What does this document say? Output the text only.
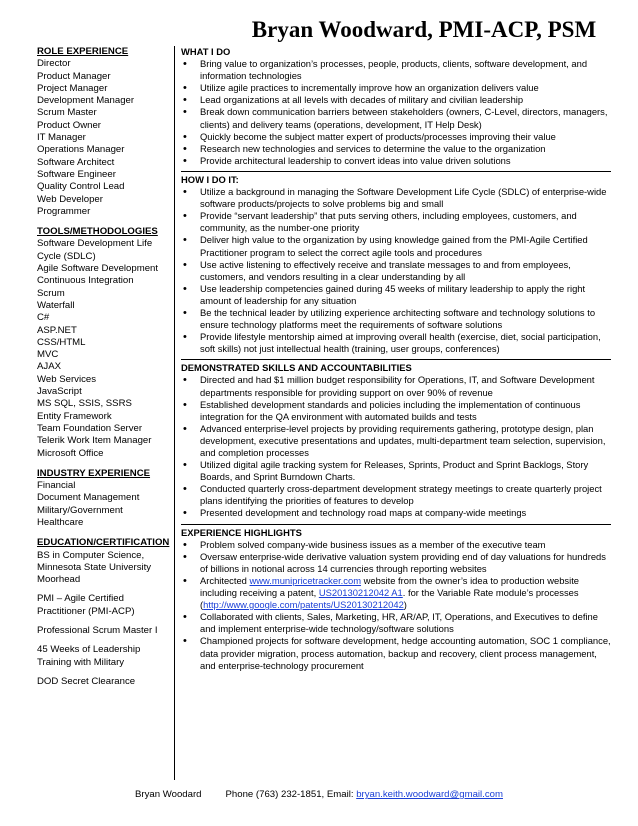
Bryan Woodward, PMI-ACP, PSM
ROLE EXPERIENCE
Director
Product Manager
Project Manager
Development Manager
Scrum Master
Product Owner
IT Manager
Operations Manager
Software Architect
Software Engineer
Quality Control Lead
Web Developer
Programmer
TOOLS/METHODOLOGIES
Software Development Life Cycle (SDLC)
Agile Software Development
Continuous Integration
Scrum
Waterfall
C#
ASP.NET
CSS/HTML
MVC
AJAX
Web Services
JavaScript
MS SQL, SSIS, SSRS
Entity Framework
Team Foundation Server
Telerik Work Item Manager
Microsoft Office
INDUSTRY EXPERIENCE
Financial
Document Management
Military/Government
Healthcare
EDUCATION/CERTIFICATION
BS in Computer Science, Minnesota State University Moorhead
PMI – Agile Certified Practitioner (PMI-ACP)
Professional Scrum Master I
45 Weeks of Leadership Training with Military
DOD Secret Clearance
WHAT I DO
• Bring value to organization’s processes, people, products, clients, software development, and information technologies
• Utilize agile practices to incrementally improve how an organization delivers value
• Lead organizations at all levels with decades of military and civilian leadership
• Break down communication barriers between stakeholders (owners, C-Level, directors, managers, clients) and delivery teams (operations, development, IT Help Desk)
• Quickly become the subject matter expert of products/processes improving their value
• Research new technologies and services to determine the value to the organization
• Provide architectural leadership to convert ideas into value driven solutions
HOW I DO IT:
• Utilize a background in managing the Software Development Life Cycle (SDLC) of enterprise-wide software products/projects to solve problems big and small
• Provide “servant leadership” that puts serving others, including employees, customers, and community, as the number-one priority
• Deliver high value to the organization by using knowledge gained from the PMI-Agile Certified Practitioner program to select the correct agile tools and procedures
• Use active listening to effectively receive and translate messages to and from employees, customers, and vendors resulting in a clear understanding by all
• Use leadership competencies gained during 45 weeks of military leadership to apply the right amount of leadership for any situation
• Be the technical leader by utilizing experience architecting software and technology solutions to ensure technology platforms meet the requirements of software solutions
• Provide lifestyle mentorship aimed at improving overall health (exercise, diet, social participation, soft skills) not just intellectual health (training, user groups, conferences)
DEMONSTRATED SKILLS AND ACCOUNTABILITIES
• Directed and had $1 million budget responsibility for Operations, IT, and Software Development departments responsible for providing support on over 90% of revenue
• Established development standards and policies including the implementation of continuous integration for the QA environment with automated builds and tests
• Advanced enterprise-level projects by providing requirements gathering, prototype design, plan development, executive presentations and updates, multi-department team selection, supervision, and completion processes
• Utilized digital agile tracking system for Releases, Sprints, Product and Sprint Backlogs, Story Boards, and Sprint Burndown Charts.
• Conducted quarterly cross-department development strategy meetings to create quarterly project plans identifying the priorities of features to develop
• Presented development and technology road maps at company-wide meetings
EXPERIENCE HIGHLIGHTS
• Problem solved company-wide business issues as a member of the executive team
• Oversaw enterprise-wide derivative valuation system providing end of day valuations for hundreds of billions in notional across 14 currencies through reporting websites
• Architected www.munipricetracker.com website from the owner’s idea to production website including receiving a patent, US20130212042 A1. for the Variable Rate module’s processes (http://www.google.com/patents/US20130212042)
• Collaborated with clients, Sales, Marketing, HR, AR/AP, IT, Operations, and Executives to define and implement enterprise-wide technology/software solutions
• Championed projects for software development, hedge accounting automation, SOC 1 compliance, data provider migration, process automation, backup and recovery, client process management, and enterprise-technology procurement
Bryan Woodard	Phone (763) 232-1851, Email: bryan.keith.woodward@gmail.com
